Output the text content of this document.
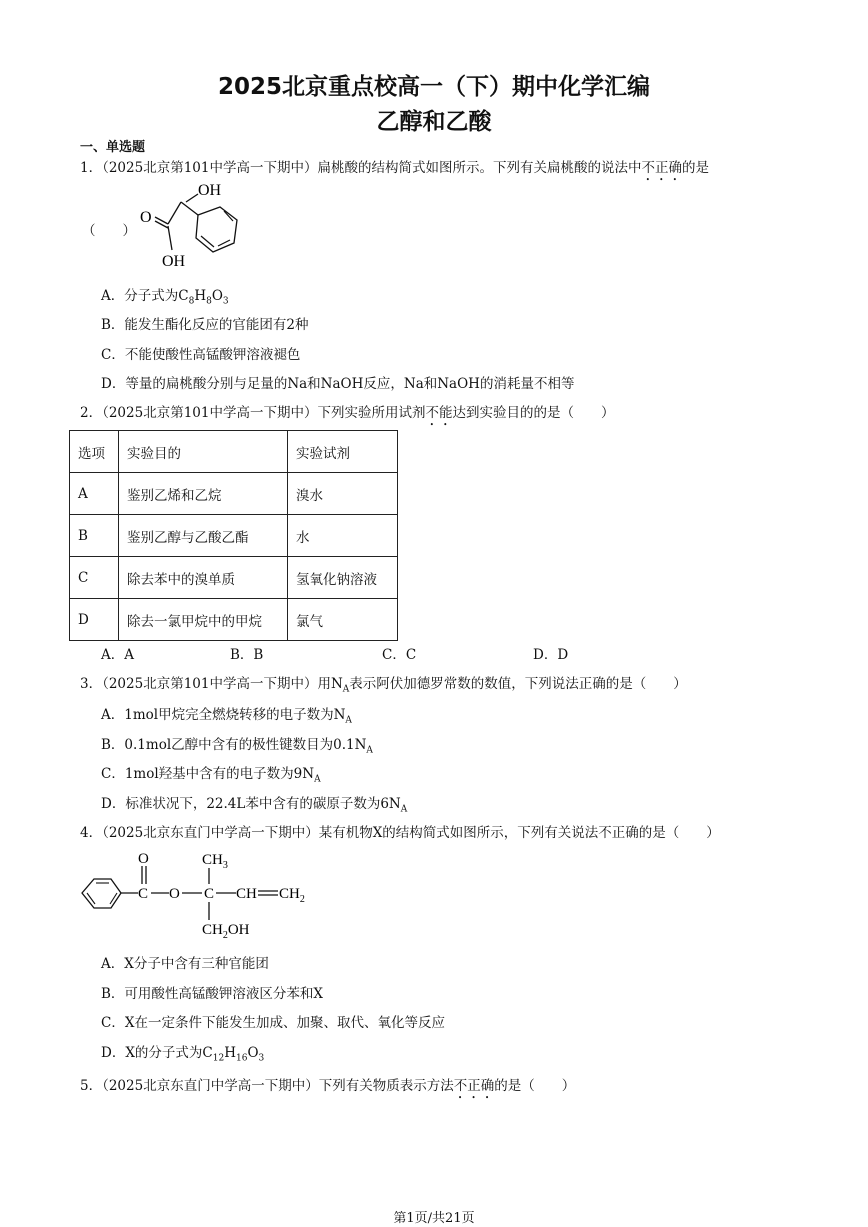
2025北京重点校高一（下）期中化学汇编
乙醇和乙酸
一、单选题
1．（2025北京第101中学高一下期中）扁桃酸的结构简式如图所示。下列有关扁桃酸的说法中不正确的是
（　　）
OH
O
OH
A．分子式为$C_8H_8O_3$
B．能发生酯化反应的官能团有2种
C．不能使酸性高锰酸钾溶液褪色
D．等量的扁桃酸分别与足量的Na和NaOH反应，Na和NaOH的消耗量不相等
2．（2025北京第101中学高一下期中）下列实验所用试剂不能达到实验目的的是（　　）
选项	实验目的	实验试剂
A	鉴别乙烯和乙烷	溴水
B	鉴别乙醇与乙酸乙酯	水
C	除去苯中的溴单质	氢氧化钠溶液
D	除去一氯甲烷中的甲烷	氯气
A．A	B．B	C．C	D．D
3．（2025北京第101中学高一下期中）用$N_A$表示阿伏加德罗常数的数值，下列说法正确的是（　　）
A．1mol甲烷完全燃烧转移的电子数为$N_A$
B．0.1mol乙醇中含有的极性键数目为$0.1N_A$
C．1mol羟基中含有的电子数为$9N_A$
D．标准状况下，22.4L苯中含有的碳原子数为$6N_A$
4．（2025北京东直门中学高一下期中）某有机物X的结构简式如图所示，下列有关说法不正确的是（　　）
C
O
O C
$CH_3$
CH $CH_2$
$CH_2OH$
A．X分子中含有三种官能团
B．可用酸性高锰酸钾溶液区分苯和X
C．X在一定条件下能发生加成、加聚、取代、氧化等反应
D．X的分子式为$C_{12}H_{16}O_3$
5．（2025北京东直门中学高一下期中）下列有关物质表示方法不正确的是（　　）
第1页/共21页
